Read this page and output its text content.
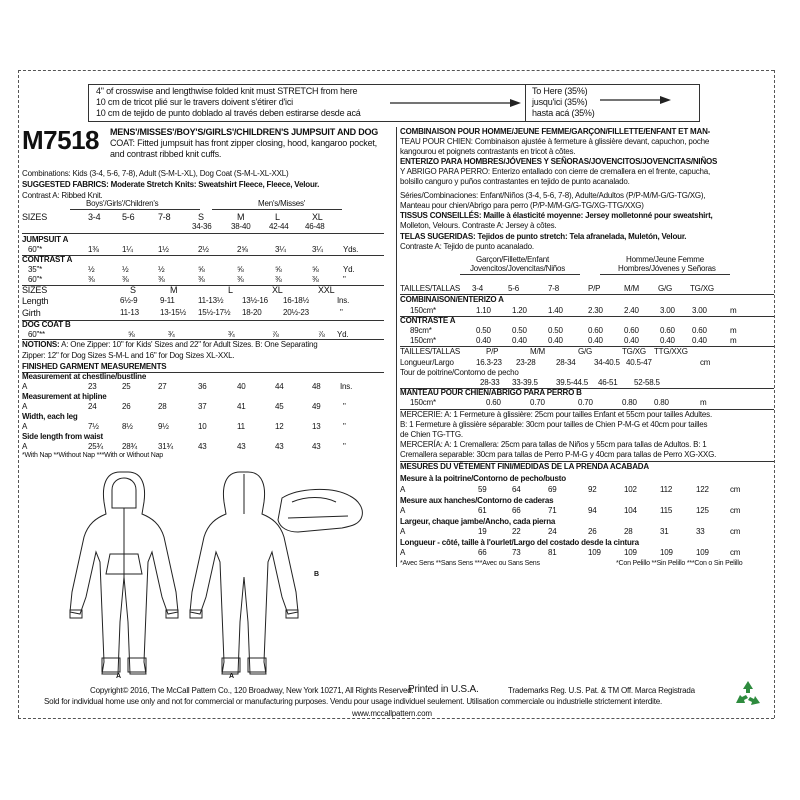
4" of crosswise and lengthwise folded knit must STRETCH from here
10 cm de tricot plié sur le travers doivent s'étirer d'ici
10 cm de tejido de punto doblado al través deben estirarse desde acá
To Here (35%)
jusqu'ici (35%)
hasta acá (35%)
M7518 MENS'/MISSES'/BOY'S/GIRLS'/CHILDREN'S JUMPSUIT AND DOG
COAT: Fitted jumpsuit has front zipper closing, hood, kangaroo pocket,
and contrast ribbed knit cuffs.
Combinations: Kids (3-4, 5-6, 7-8), Adult (S-M-L-XL), Dog Coat (S-M-L-XL-XXL)
SUGGESTED FABRICS: Moderate Stretch Knits: Sweatshirt Fleece, Fleece, Velour.
Contrast A: Ribbed Knit.
Boys'/Girls'/Children's	Men's/Misses'
SIZES	3-4 5-6	7-8	S	M	L	XL
34-36 38-40 42-44 46-48
JUMPSUIT A
60"*	1⅜	1¼	1½	2½	2⅝	3¼	3¼	Yds.
CONTRAST A
35"*	½	½	½	⅝	⅝	⅝	⅝	Yd.
60"*	⅜	⅜	⅜	⅜	⅜	⅜	⅜	"
SIZES	S	M	L	XL	XXL
Length	6½-9	9-11	11-13½ 13½-16 16-18½	Ins.
Girth	11-13	13-15½ 15½-17½ 18-20	20½-23	"
DOG COAT B
60"**	⅝	¾	¾	⅞	⅞ Yd.
NOTIONS: A: One Zipper: 10" for Kids' Sizes and 22" for Adult Sizes. B: One Separating
Zipper: 12" for Dog Sizes S-M-L and 16" for Dog Sizes XL-XXL.
FINISHED GARMENT MEASUREMENTS
Measurement at chestline/bustline
A	23	25	27	36	40	44	48 Ins.
Measurement at hipline
A	24	26	28	37	41	45	49	"
Width, each leg
A	7½	8½	9½	10	11	12	13	"
Side length from waist
A	25¾ 28¾	31¾	43	43	43	43	"
*With Nap **Without Nap ***With or Without Nap
COMBINAISON POUR HOMME/JEUNE FEMME/GARÇON/FILLETTE/ENFANT ET MAN-
TEAU POUR CHIEN: Combinaison ajustée à fermeture à glissière devant, capuchon, poche
kangourou et poignets contrastants en tricot à côtes.
ENTERIZO PARA HOMBRES/JÓVENES Y SEÑORAS/JOVENCITOS/JOVENCITAS/NIÑOS
Y ABRIGO PARA PERRO: Enterizo entallado con cierre de cremallera en el frente, capucha,
bolsillo canguro y puños contrastantes en tejido de punto acanalado.
Séries/Combinaciones: Enfant/Niños (3-4, 5-6, 7-8), Adulte/Adultos (P/P-M/M-G/G-TG/XG),
Manteau pour chien/Abrigo para perro (P/P-M/M-G/G-TG/XG-TTG/XXG)
TISSUS CONSEILLÉS: Maille à élasticité moyenne: Jersey molletonné pour sweatshirt,
Molleton, Velours. Contraste A: Jersey à côtes.
TELAS SUGERIDAS: Tejidos de punto stretch: Tela afranelada, Muletón, Velour.
Contraste A: Tejido de punto acanalado.
Garçon/Fillette/Enfant
Jovencitos/Jovencitas/Niños
Homme/Jeune Femme
Hombres/Jóvenes y Señoras
TAILLES/TALLAS 3-4	5-6	7-8	P/P	M/M G/G TG/XG
COMBINAISON/ENTERIZO A
150cm*	1.10	1.20	1.40	2.30	2.40	3.00 3.00	m
CONTRASTE A
89cm*	0.50	0.50	0.50	0.60	0.60	0.60 0.60	m
150cm*	0.40	0.40	0.40	0.40	0.40	0.40 0.40	m
TAILLES/TALLAS	P/P	M/M	G/G	TG/XG TTG/XXG
Longueur/Largo	16.3-23 23-28	28-34 34-40.5 40.5-47	cm
Tour de poitrine/Contorno de pecho
28-33 33-39.5 39.5-44.5 46-51 52-58.5
MANTEAU POUR CHIEN/ABRIGO PARA PERRO B
150cm*	0.60	0.70	0.70	0.80 0.80	m
MERCERIE: A: 1 Fermeture à glissière: 25cm pour tailles Enfant et 55cm pour tailles Adultes.
B: 1 Fermeture à glissière séparable: 30cm pour tailles de Chien P-M-G et 40cm pour tailles
de Chien TG-TTG.
MERCERÍA: A: 1 Cremallera: 25cm para tallas de Niños y 55cm para tallas de Adultos. B: 1
Cremallera separable: 30cm para tallas de Perro P-M-G y 40cm para tallas de Perro XG-XXG.
MESURES DU VÊTEMENT FINI/MEDIDAS DE LA PRENDA ACABADA
Mesure à la poitrine/Contorno de pecho/busto
A	59	64	69	92	102	112	122	cm
Mesure aux hanches/Contorno de caderas
A	61	66	71	94	104	115	125	cm
Largeur, chaque jambe/Ancho, cada pierna
A	19	22	24	26	28	31	33	cm
Longueur - côté, taille à l'ourlet/Largo del costado desde la cintura
A	66	73	81	109	109	109	109	cm
*Avec Sens **Sans Sens ***Avec ou Sans Sens	*Con Pelillo **Sin Pelillo ***Con o Sin Pelillo
A	A
B
Copyright© 2016, The McCall Pattern Co., 120 Broadway, New York 10271, All Rights Reserved.
Printed in U.S.A.	Trademarks Reg. U.S. Pat. & TM Off. Marca Registrada
Sold for individual home use only and not for commercial or manufacturing purposes. Vendu pour usage individuel seulement. Utilisation commerciale ou industrielle strictement interdite.
www.mccallpattern.com
